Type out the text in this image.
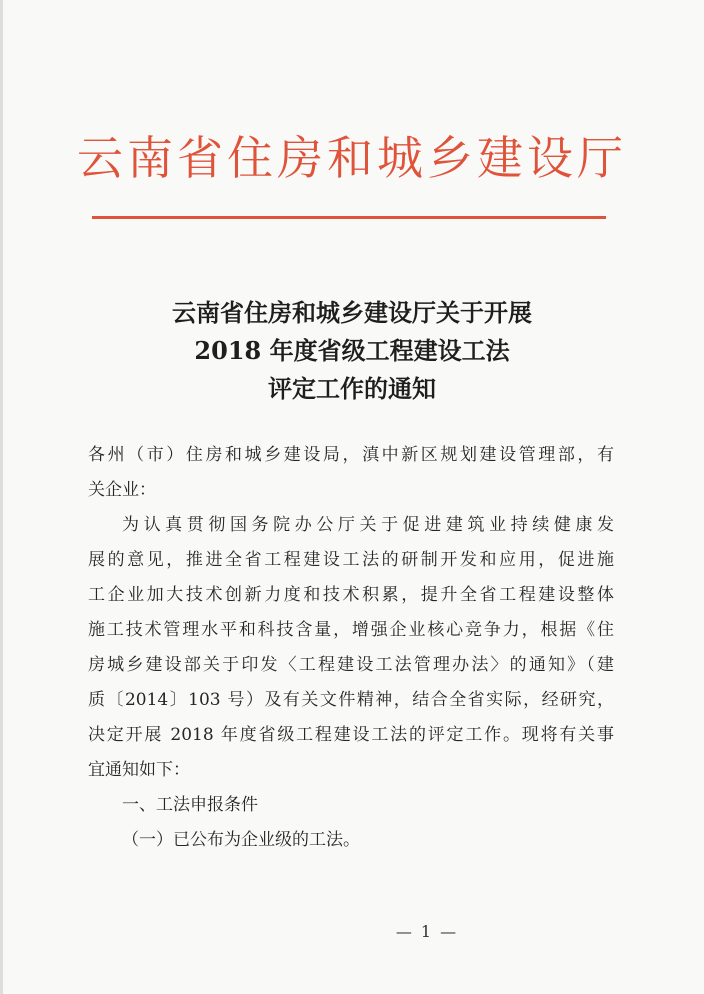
云南省住房和城乡建设厅
云南省住房和城乡建设厅关于开展
2018 年度省级工程建设工法
评定工作的通知
各州（市）住房和城乡建设局，滇中新区规划建设管理部，有
关企业：
为认真贯彻国务院办公厅关于促进建筑业持续健康发
展的意见，推进全省工程建设工法的研制开发和应用，促进施
工企业加大技术创新力度和技术积累，提升全省工程建设整体
施工技术管理水平和科技含量，增强企业核心竞争力，根据《住
房城乡建设部关于印发〈工程建设工法管理办法〉的通知》（建
质〔2014〕103 号）及有关文件精神，结合全省实际，经研究，
决定开展 2018 年度省级工程建设工法的评定工作。现将有关事
宜通知如下：
一、工法申报条件
（一）已公布为企业级的工法。
— 1 —
